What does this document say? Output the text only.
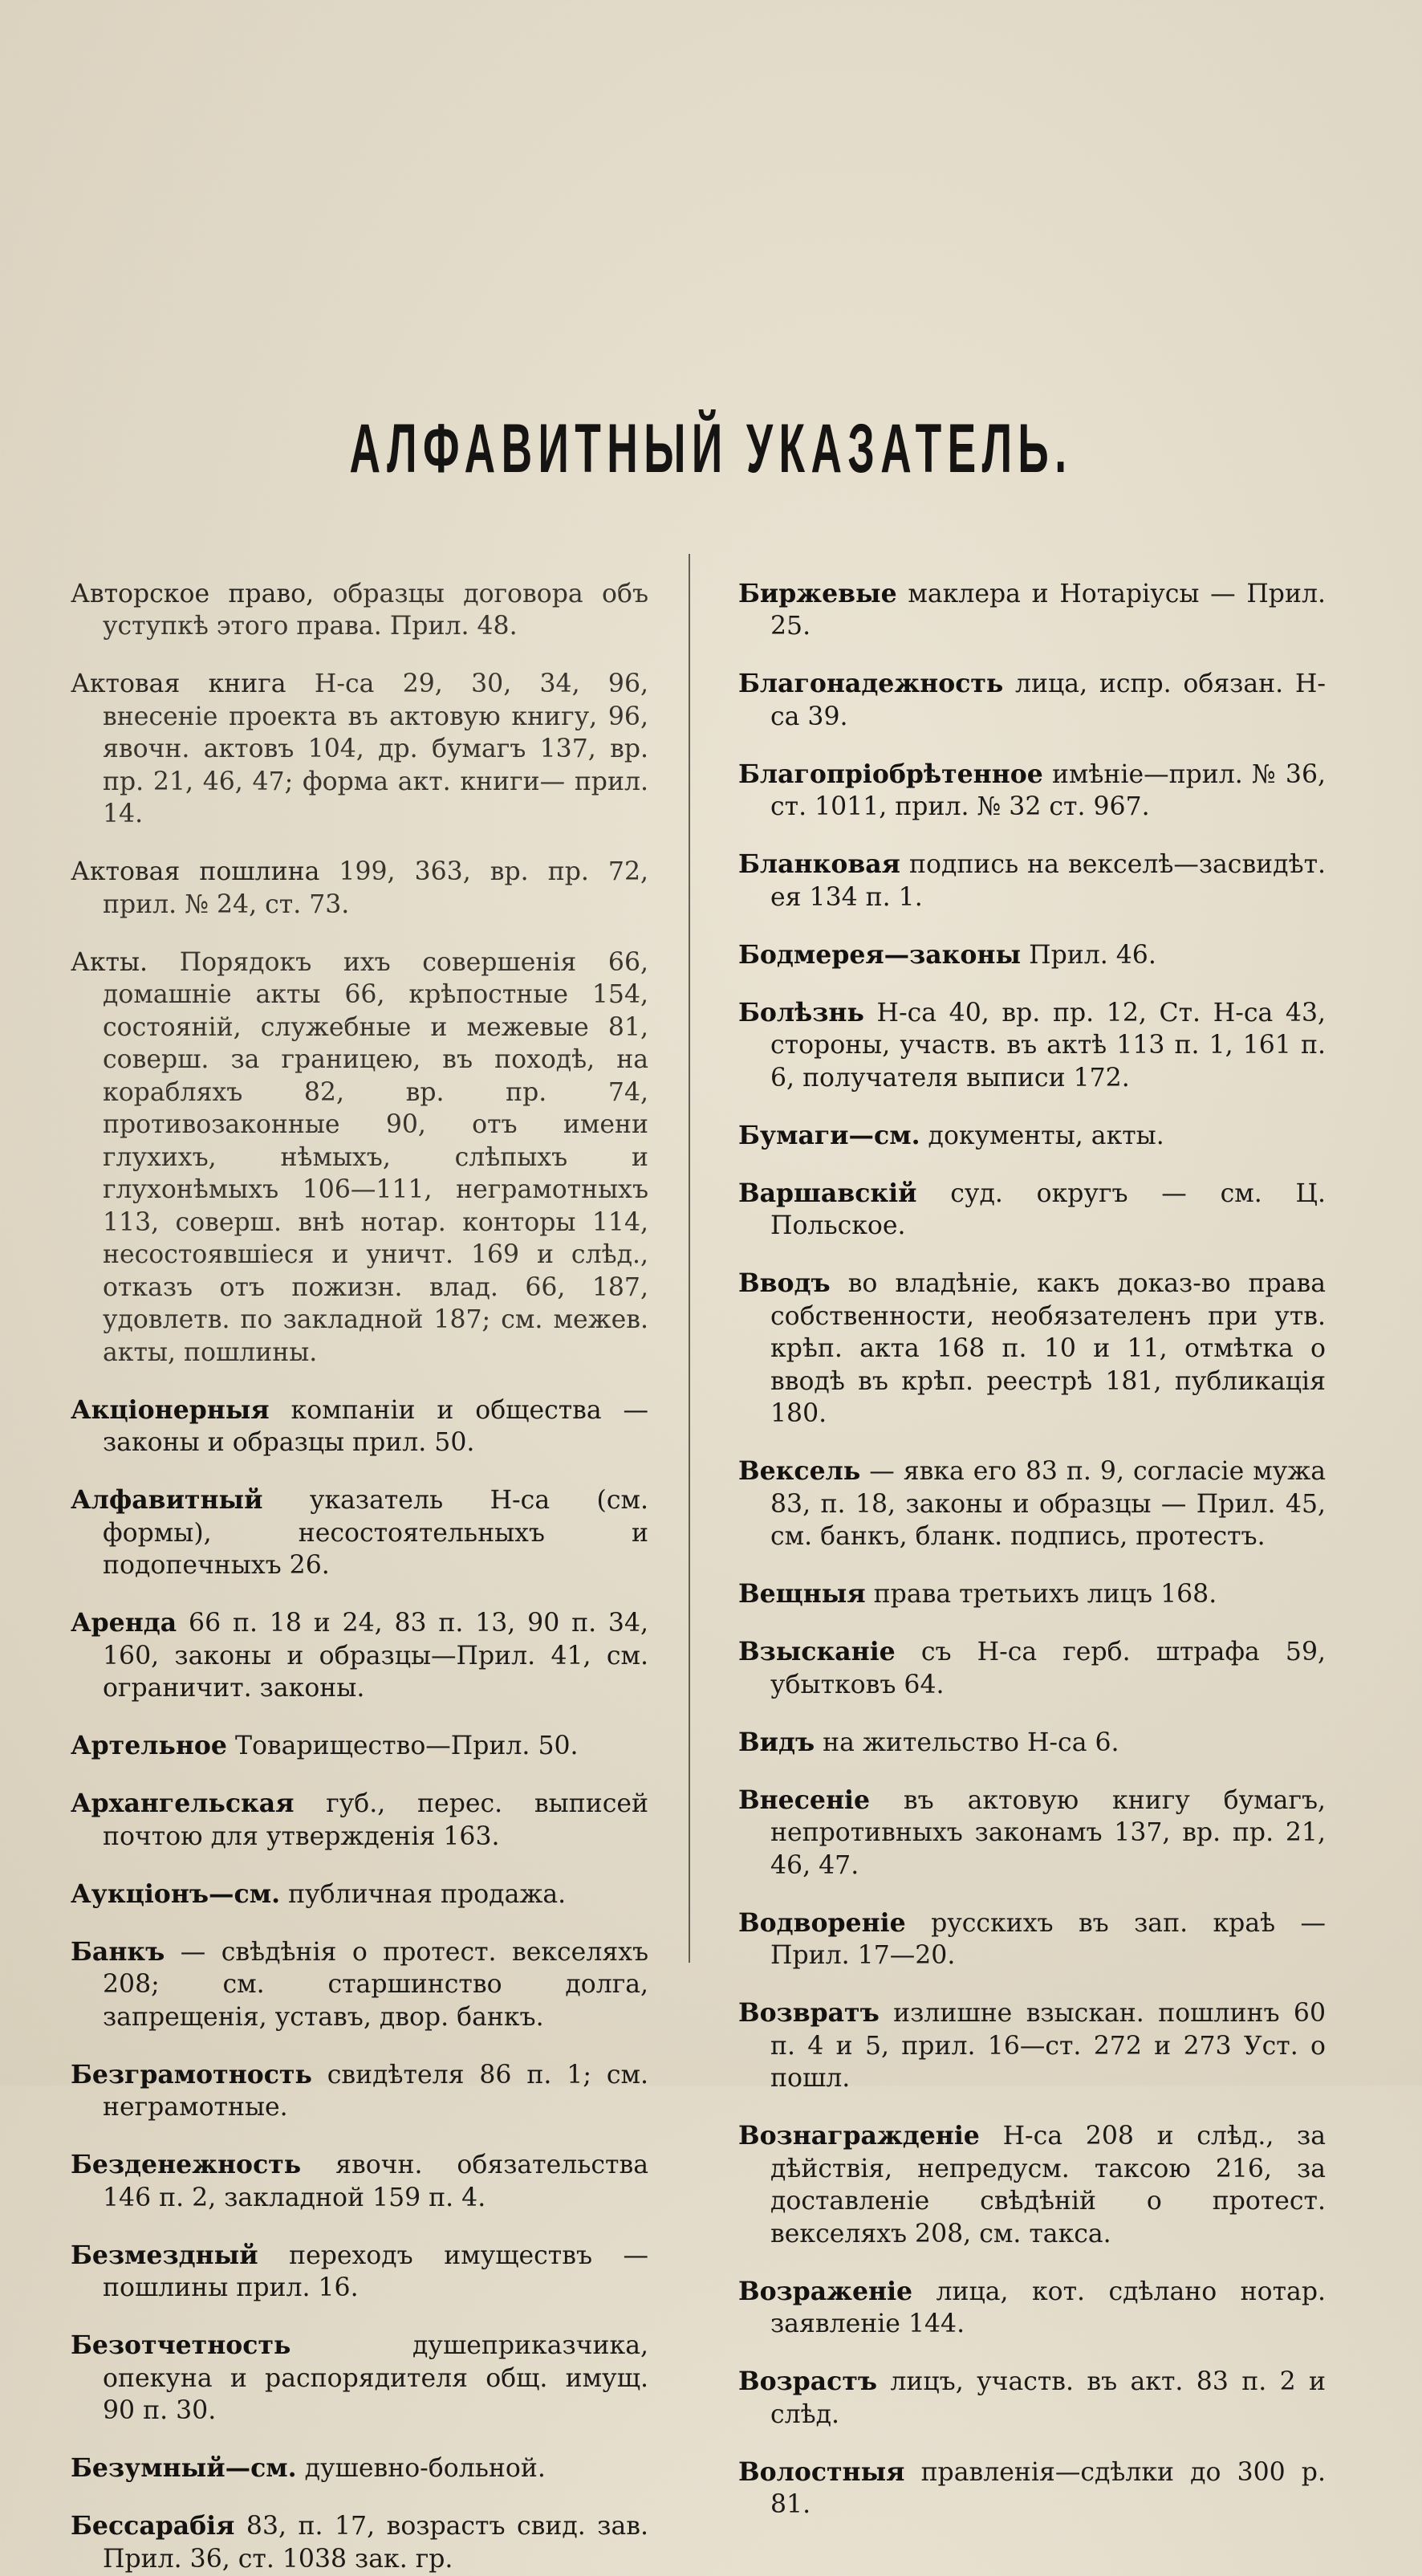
АЛФАВИТНЫЙ УКАЗАТЕЛЬ.

Авторское право, образцы договора объ уступкѣ этого права. Прил. 48.

Актовая книга Н-са 29, 30, 34, 96, внесеніе проекта въ актовую книгу, 96, явочн. актовъ 104, др. бумагъ 137, вр. пр. 21, 46, 47; форма акт. книги— прил. 14.

Актовая пошлина 199, 363, вр. пр. 72, прил. № 24, ст. 73.

Акты. Порядокъ ихъ совершенія 66, домашніе акты 66, крѣпостные 154, состояній, служебные и межевые 81, соверш. за границею, въ походѣ, на корабляхъ 82, вр. пр. 74, противозаконные 90, отъ имени глухихъ, нѣмыхъ, слѣпыхъ и глухонѣмыхъ 106—111, неграмотныхъ 113, соверш. внѣ нотар. конторы 114, несостоявшіеся и уничт. 169 и слѣд., отказъ отъ пожизн. влад. 66, 187, удовлетв. по закладной 187; см. межев. акты, пошлины.

Акціонерныя компаніи и общества — законы и образцы прил. 50.

Алфавитный указатель Н-са (см. формы), несостоятельныхъ и подопечныхъ 26.

Аренда 66 п. 18 и 24, 83 п. 13, 90 п. 34, 160, законы и образцы—Прил. 41, см. ограничит. законы.

Артельное Товарищество—Прил. 50.

Архангельская губ., перес. выписей почтою для утвержденія 163.

Аукціонъ—см. публичная продажа.

Банкъ — свѣдѣнія о протест. векселяхъ 208; см. старшинство долга, запрещенія, уставъ, двор. банкъ.

Безграмотность свидѣтеля 86 п. 1; см. неграмотные.

Безденежность явочн. обязательства 146 п. 2, закладной 159 п. 4.

Безмездный переходъ имуществъ — пошлины прил. 16.

Безотчетность	душеприказчика, опекуна и распорядителя общ. имущ. 90 п. 30.

Безумный—см. душевно-больной.

Бессарабія 83, п. 17, возрастъ свид. зав. Прил. 36, ст. 1038 зак. гр.

Биржевые маклера и Нотаріусы — Прил. 25.

Благонадежность лица, испр. обязан. Н-са 39.

Благопріобрѣтенное имѣніе—прил. № 36, ст. 1011, прил. № 32 ст. 967.

Бланковая подпись на векселѣ—засвидѣт. ея 134 п. 1.

Бодмерея—законы Прил. 46.

Болѣзнь Н-са 40, вр. пр. 12, Ст. Н-са 43, стороны, участв. въ актѣ 113 п. 1, 161 п. 6, получателя выписи 172.

Бумаги—см. документы, акты.

Варшавскій суд. округъ — см. Ц. Польское.

Вводъ во владѣніе, какъ доказ-во права собственности, необязателенъ при утв. крѣп. акта 168 п. 10 и 11, отмѣтка о вводѣ въ крѣп. реестрѣ 181, публикація 180.

Вексель — явка его 83 п. 9, согласіе мужа 83, п. 18, законы и образцы — Прил. 45, см. банкъ, бланк. подпись, протестъ.

Вещныя права третьихъ лицъ 168.

Взысканіе съ Н-са герб. штрафа 59, убытковъ 64.

Видъ на жительство Н-са 6.

Внесеніе въ актовую книгу бумагъ, непротивныхъ законамъ 137, вр. пр. 21, 46, 47.

Водвореніе русскихъ въ зап. краѣ — Прил. 17—20.

Возвратъ излишне взыскан. пошлинъ 60 п. 4 и 5, прил. 16—ст. 272 и 273 Уст. о пошл.

Вознагражденіе Н-са 208 и слѣд., за дѣйствія, непредусм. таксою 216, за доставленіе свѣдѣній о протест. векселяхъ 208, см. такса.

Возраженіе лица, кот. сдѣлано нотар. заявленіе 144.

Возрастъ лицъ, участв. въ акт. 83 п. 2 и слѣд.

Волостныя правленія—сдѣлки до 300 р. 81.
